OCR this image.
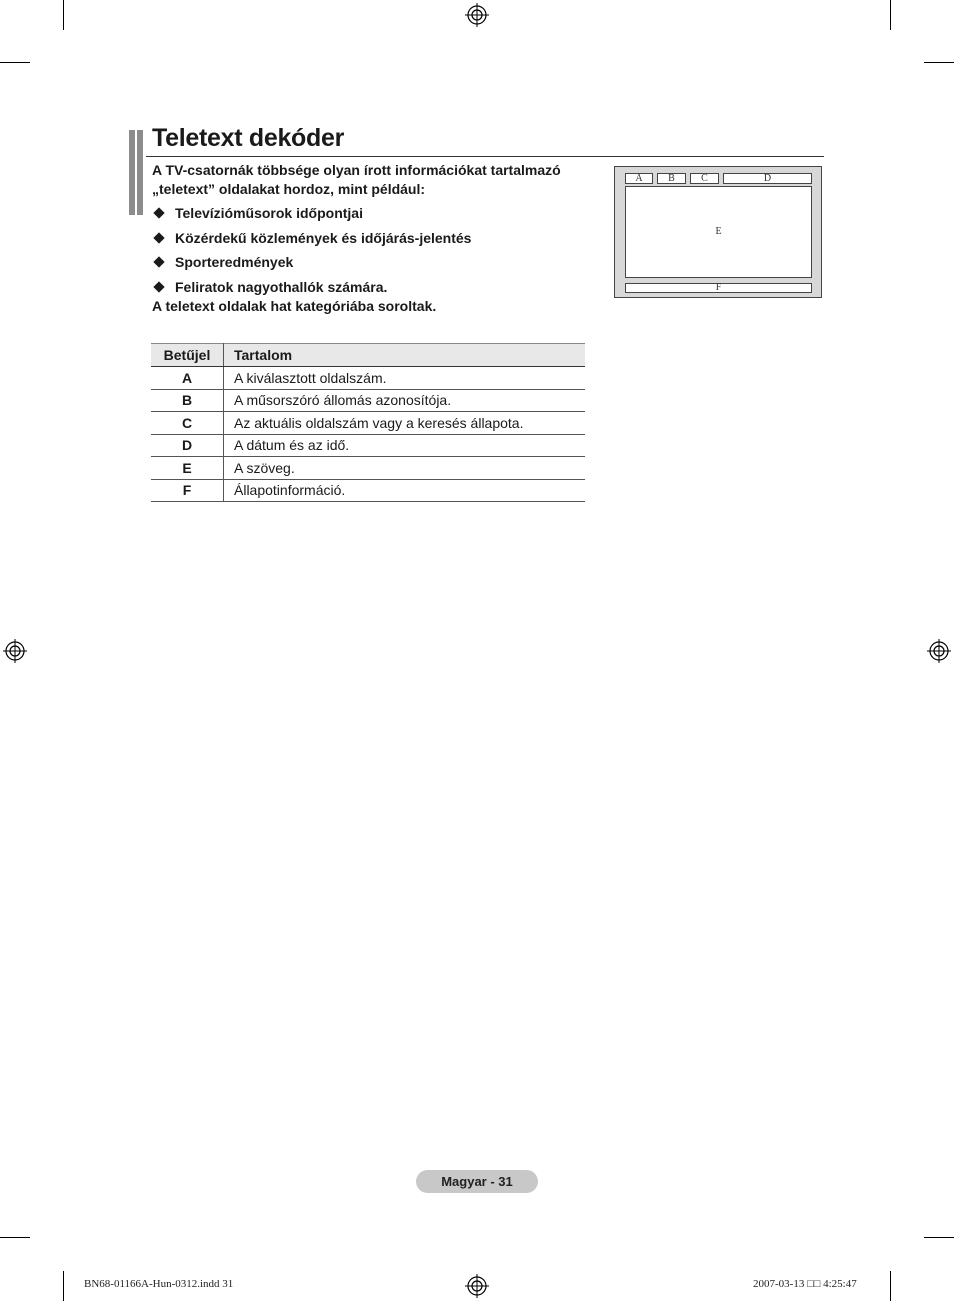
Teletext dekóder
A TV-csatornák többsége olyan írott információkat tartalmazó „teletext” oldalakat hordoz, mint például:
Televízióműsorok időpontjai
Közérdekű közlemények és időjárás-jelentés
Sporteredmények
Feliratok nagyothallók számára.
A teletext oldalak hat kategóriába soroltak.
A	B	C	D
E
F
Betűjel	Tartalom
A	A kiválasztott oldalszám.
B	A műsorszóró állomás azonosítója.
C	Az aktuális oldalszám vagy a keresés állapota.
D	A dátum és az idő.
E	A szöveg.
F	Állapotinformáció.
Magyar - 31
BN68-01166A-Hun-0312.indd 31	2007-03-13 □□ 4:25:47
